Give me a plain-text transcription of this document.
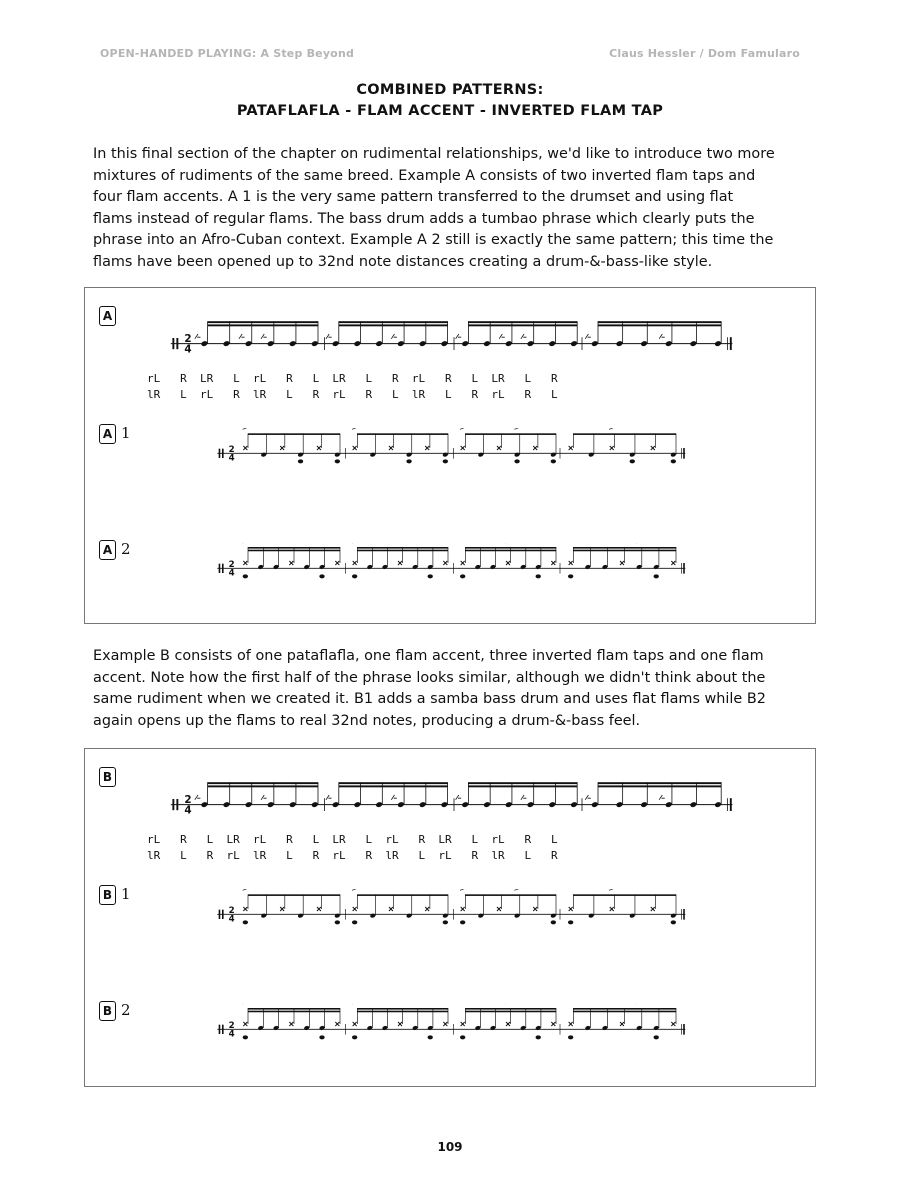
OPEN-HANDED PLAYING: A Step Beyond	Claus Hessler / Dom Famularo
COMBINED PATTERNS:
PATAFLAFLA - FLAM ACCENT - INVERTED FLAM TAP
In this final section of the chapter on rudimental relationships, we'd like to introduce two more
mixtures of rudiments of the same breed. Example A consists of two inverted flam taps and
four flam accents. A 1 is the very same pattern transferred to the drumset and using flat
flams instead of regular flams. The bass drum adds a tumbao phrase which clearly puts the
phrase into an Afro-Cuban context. Example A 2 still is exactly the same pattern; this time the
flams have been opened up to 32nd note distances creating a drum-&-bass-like style.
A
2
4
rL   R  LR   L  rL   R   L  LR   L   R  rL   R   L  LR   L   R
lR   L  rL   R  lR   L   R  rL   R   L  lR   L   R  rL   R   L
A 1
2
4
A 2
2
4
Example B consists of one pataflafla, one flam accent, three inverted flam taps and one flam
accent. Note how the first half of the phrase looks similar, although we didn't think about the
same rudiment when we created it. B1 adds a samba bass drum and uses flat flams while B2
again opens up the flams to real 32nd notes, producing a drum-&-bass feel.
B
2
4
rL   R   L  LR  rL   R   L  LR   L  rL   R  LR   L  rL   R   L
lR   L   R  rL  lR   L   R  rL   R  lR   L  rL   R  lR   L   R
B 1
2
4
B 2
2
4
109
